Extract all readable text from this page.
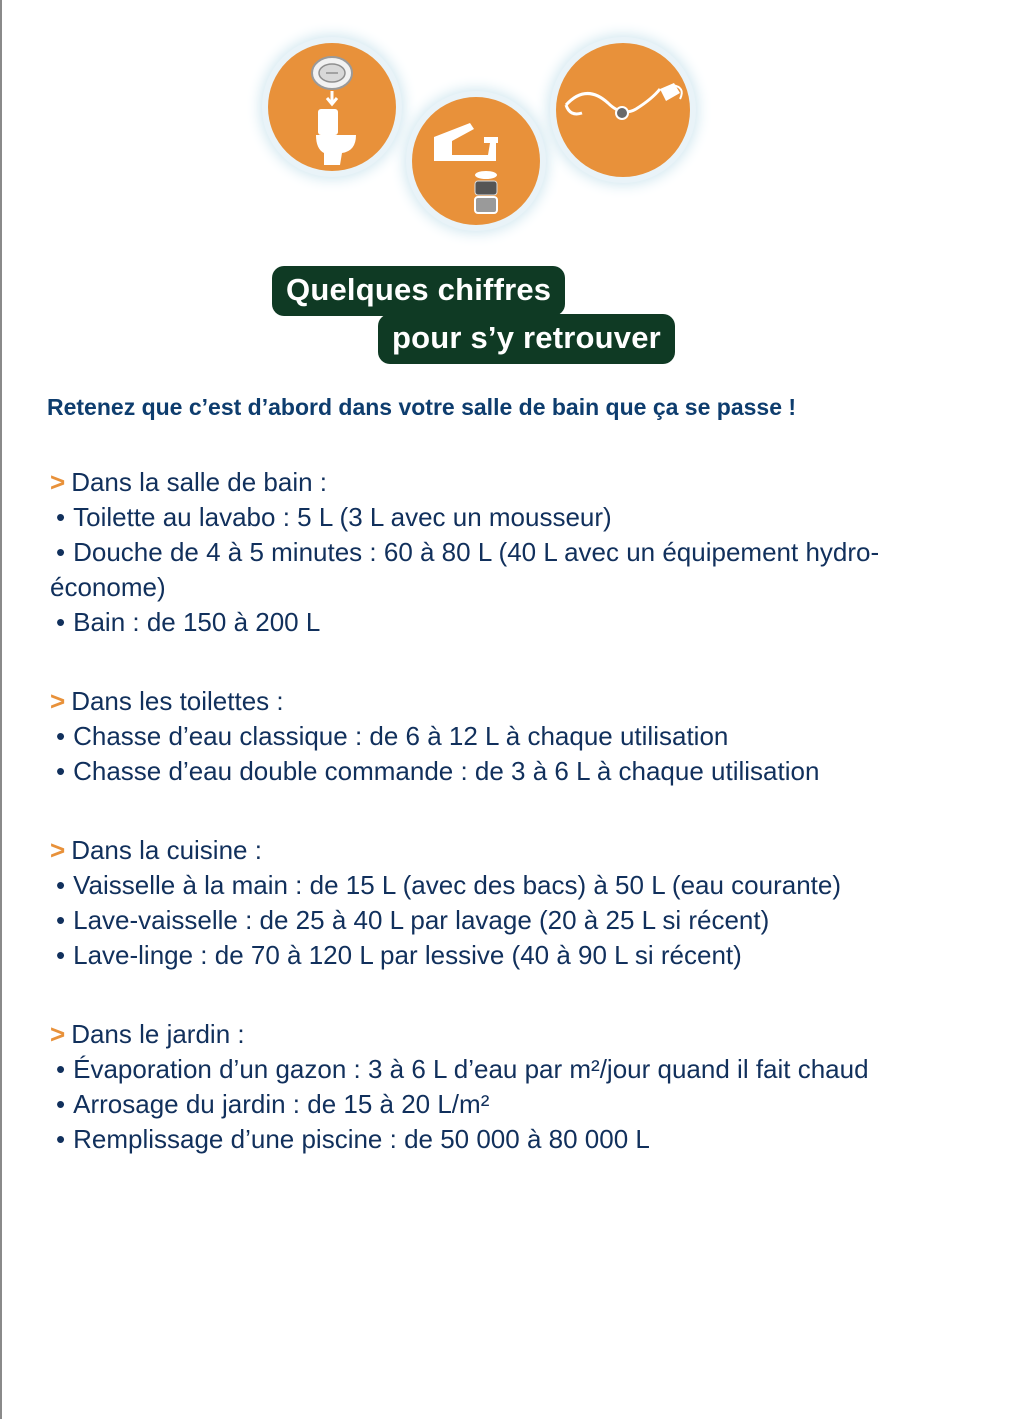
Quelques chiffres
pour s’y retrouver
Retenez que c’est d’abord dans votre salle de bain que ça se passe !
> Dans la salle de bain :
• Toilette au lavabo : 5 L (3 L avec un mousseur)
• Douche de 4 à 5 minutes : 60 à 80 L (40 L avec un équipement hydro-économe)
• Bain : de 150 à 200 L
> Dans les toilettes :
• Chasse d’eau classique : de 6 à 12 L à chaque utilisation
• Chasse d’eau double commande : de 3 à 6 L à chaque utilisation
> Dans la cuisine :
• Vaisselle à la main : de 15 L (avec des bacs) à 50 L (eau courante)
• Lave-vaisselle : de 25 à 40 L par lavage (20 à 25 L si récent)
• Lave-linge : de 70 à 120 L par lessive (40 à 90 L si récent)
> Dans le jardin :
• Évaporation d’un gazon : 3 à 6 L d’eau par m²/jour quand il fait chaud
• Arrosage du jardin : de 15 à 20 L/m²
• Remplissage d’une piscine : de 50 000 à 80 000 L
